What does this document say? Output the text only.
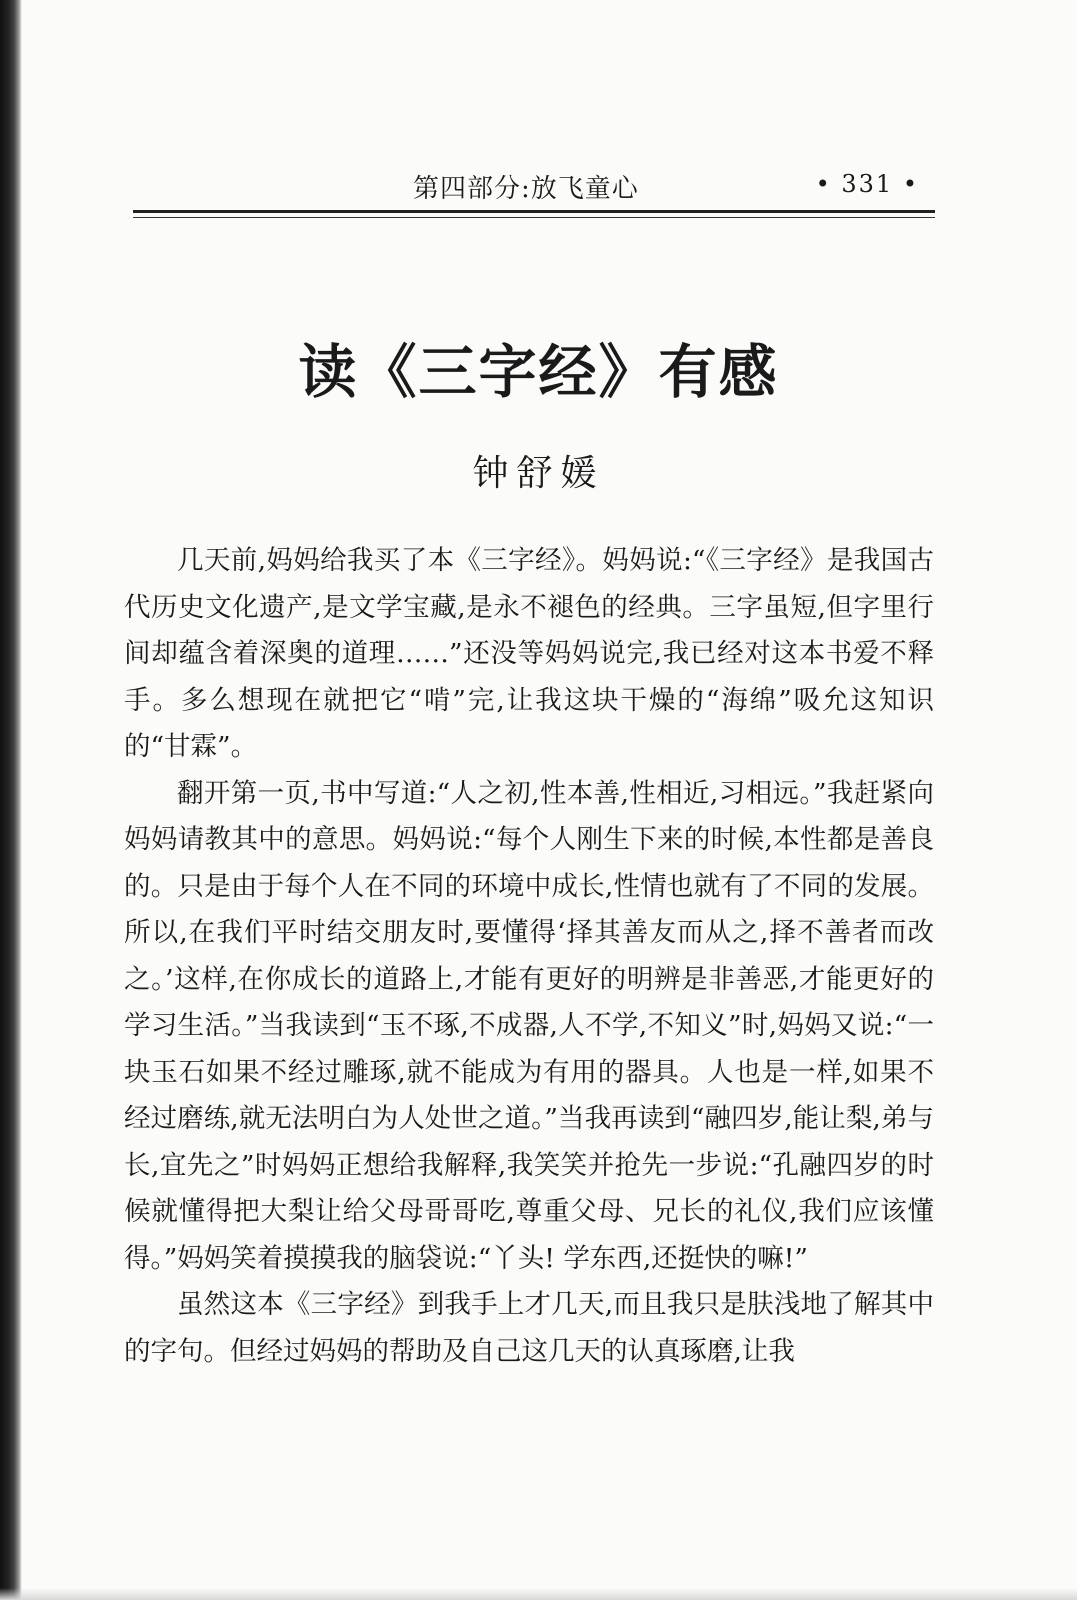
第四部分:放飞童心	• 331 •
读《三字经》有感
钟舒媛

几天前,妈妈给我买了本《三字经》。妈妈说:“《三字经》是我国古代历史文化遗产,是文学宝藏,是永不褪色的经典。三字虽短,但字里行间却蕴含着深奥的道理……”还没等妈妈说完,我已经对这本书爱不释手。多么想现在就把它“啃”完,让我这块干燥的“海绵”吸允这知识的“甘霖”。

翻开第一页,书中写道:“人之初,性本善,性相近,习相远。”我赶紧向妈妈请教其中的意思。妈妈说:“每个人刚生下来的时候,本性都是善良的。只是由于每个人在不同的环境中成长,性情也就有了不同的发展。所以,在我们平时结交朋友时,要懂得‘择其善友而从之,择不善者而改之。’这样,在你成长的道路上,才能有更好的明辨是非善恶,才能更好的学习生活。”当我读到“玉不琢,不成器,人不学,不知义”时,妈妈又说:“一块玉石如果不经过雕琢,就不能成为有用的器具。人也是一样,如果不经过磨练,就无法明白为人处世之道。”当我再读到“融四岁,能让梨,弟与长,宜先之”时妈妈正想给我解释,我笑笑并抢先一步说:“孔融四岁的时候就懂得把大梨让给父母哥哥吃,尊重父母、兄长的礼仪,我们应该懂得。”妈妈笑着摸摸我的脑袋说:“丫头! 学东西,还挺快的嘛!”

虽然这本《三字经》到我手上才几天,而且我只是肤浅地了解其中的字句。但经过妈妈的帮助及自己这几天的认真琢磨,让我
